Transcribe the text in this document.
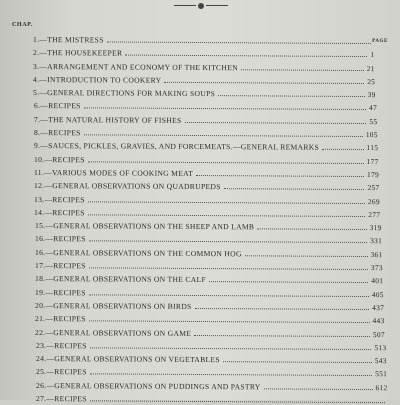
CHAP.
PAGE
1. —THE MISTRESS
2. —THE HOUSEKEEPER	1
3. —ARRANGEMENT AND ECONOMY OF THE KITCHEN	21
4. —INTRODUCTION TO COOKERY	25
5. —GENERAL DIRECTIONS FOR MAKING SOUPS	39
6. —RECIPES	47
7. —THE NATURAL HISTORY OF FISHES	55
8. —RECIPES	105
9. —SAUCES, PICKLES, GRAVIES, AND FORCEMEATS.—GENERAL REMARKS	115
10. —RECIPES	177
11. —VARIOUS MODES OF COOKING MEAT	179
12. —GENERAL OBSERVATIONS ON QUADRUPEDS	257
13. —RECIPES	269
14. —RECIPES	277
15. —GENERAL OBSERVATIONS ON THE SHEEP AND LAMB	319
16. —RECIPES	331
16. —GENERAL OBSERVATIONS ON THE COMMON HOG	361
17. —RECIPES	373
18. —GENERAL OBSERVATIONS ON THE CALF	401
19. —RECIPES	405
20. —GENERAL OBSERVATIONS ON BIRDS	437
21. —RECIPES	443
22. —GENERAL OBSERVATIONS ON GAME	507
23. —RECIPES	513
24. —GENERAL OBSERVATIONS ON VEGETABLES	543
25. —RECIPES	551
26. —GENERAL OBSERVATIONS ON PUDDINGS AND PASTRY	612
27. —RECIPES
